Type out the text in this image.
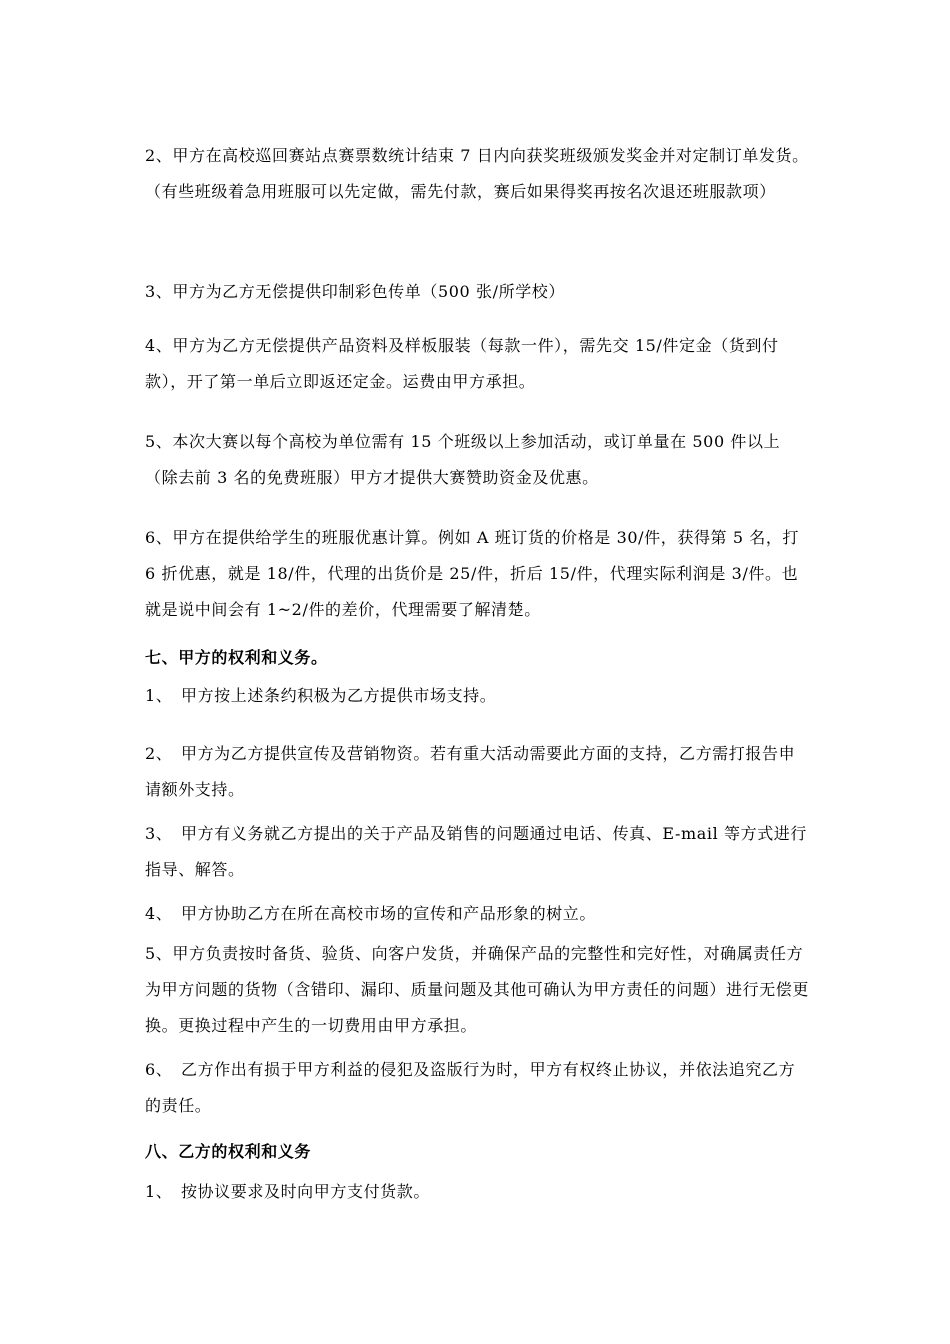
2、甲方在高校巡回赛站点赛票数统计结束 7 日内向获奖班级颁发奖金并对定制订单发货。（有些班级着急用班服可以先定做，需先付款，赛后如果得奖再按名次退还班服款项）

3、甲方为乙方无偿提供印制彩色传单（500 张/所学校）

4、甲方为乙方无偿提供产品资料及样板服装（每款一件），需先交 15/件定金（货到付款），开了第一单后立即返还定金。运费由甲方承担。

5、本次大赛以每个高校为单位需有 15 个班级以上参加活动，或订单量在 500 件以上（除去前 3 名的免费班服）甲方才提供大赛赞助资金及优惠。

6、甲方在提供给学生的班服优惠计算。例如 A 班订货的价格是 30/件，获得第 5 名，打 6 折优惠，就是 18/件，代理的出货价是 25/件，折后 15/件，代理实际利润是 3/件。也就是说中间会有 1~2/件的差价，代理需要了解清楚。

七、甲方的权利和义务。

1、　甲方按上述条约积极为乙方提供市场支持。

2、　甲方为乙方提供宣传及营销物资。若有重大活动需要此方面的支持，乙方需打报告申请额外支持。

3、　甲方有义务就乙方提出的关于产品及销售的问题通过电话、传真、E-mail 等方式进行指导、解答。

4、　甲方协助乙方在所在高校市场的宣传和产品形象的树立。

5、甲方负责按时备货、验货、向客户发货，并确保产品的完整性和完好性，对确属责任方为甲方问题的货物（含错印、漏印、质量问题及其他可确认为甲方责任的问题）进行无偿更换。更换过程中产生的一切费用由甲方承担。

6、　乙方作出有损于甲方利益的侵犯及盗版行为时，甲方有权终止协议，并依法追究乙方的责任。

八、乙方的权利和义务

1、　按协议要求及时向甲方支付货款。
